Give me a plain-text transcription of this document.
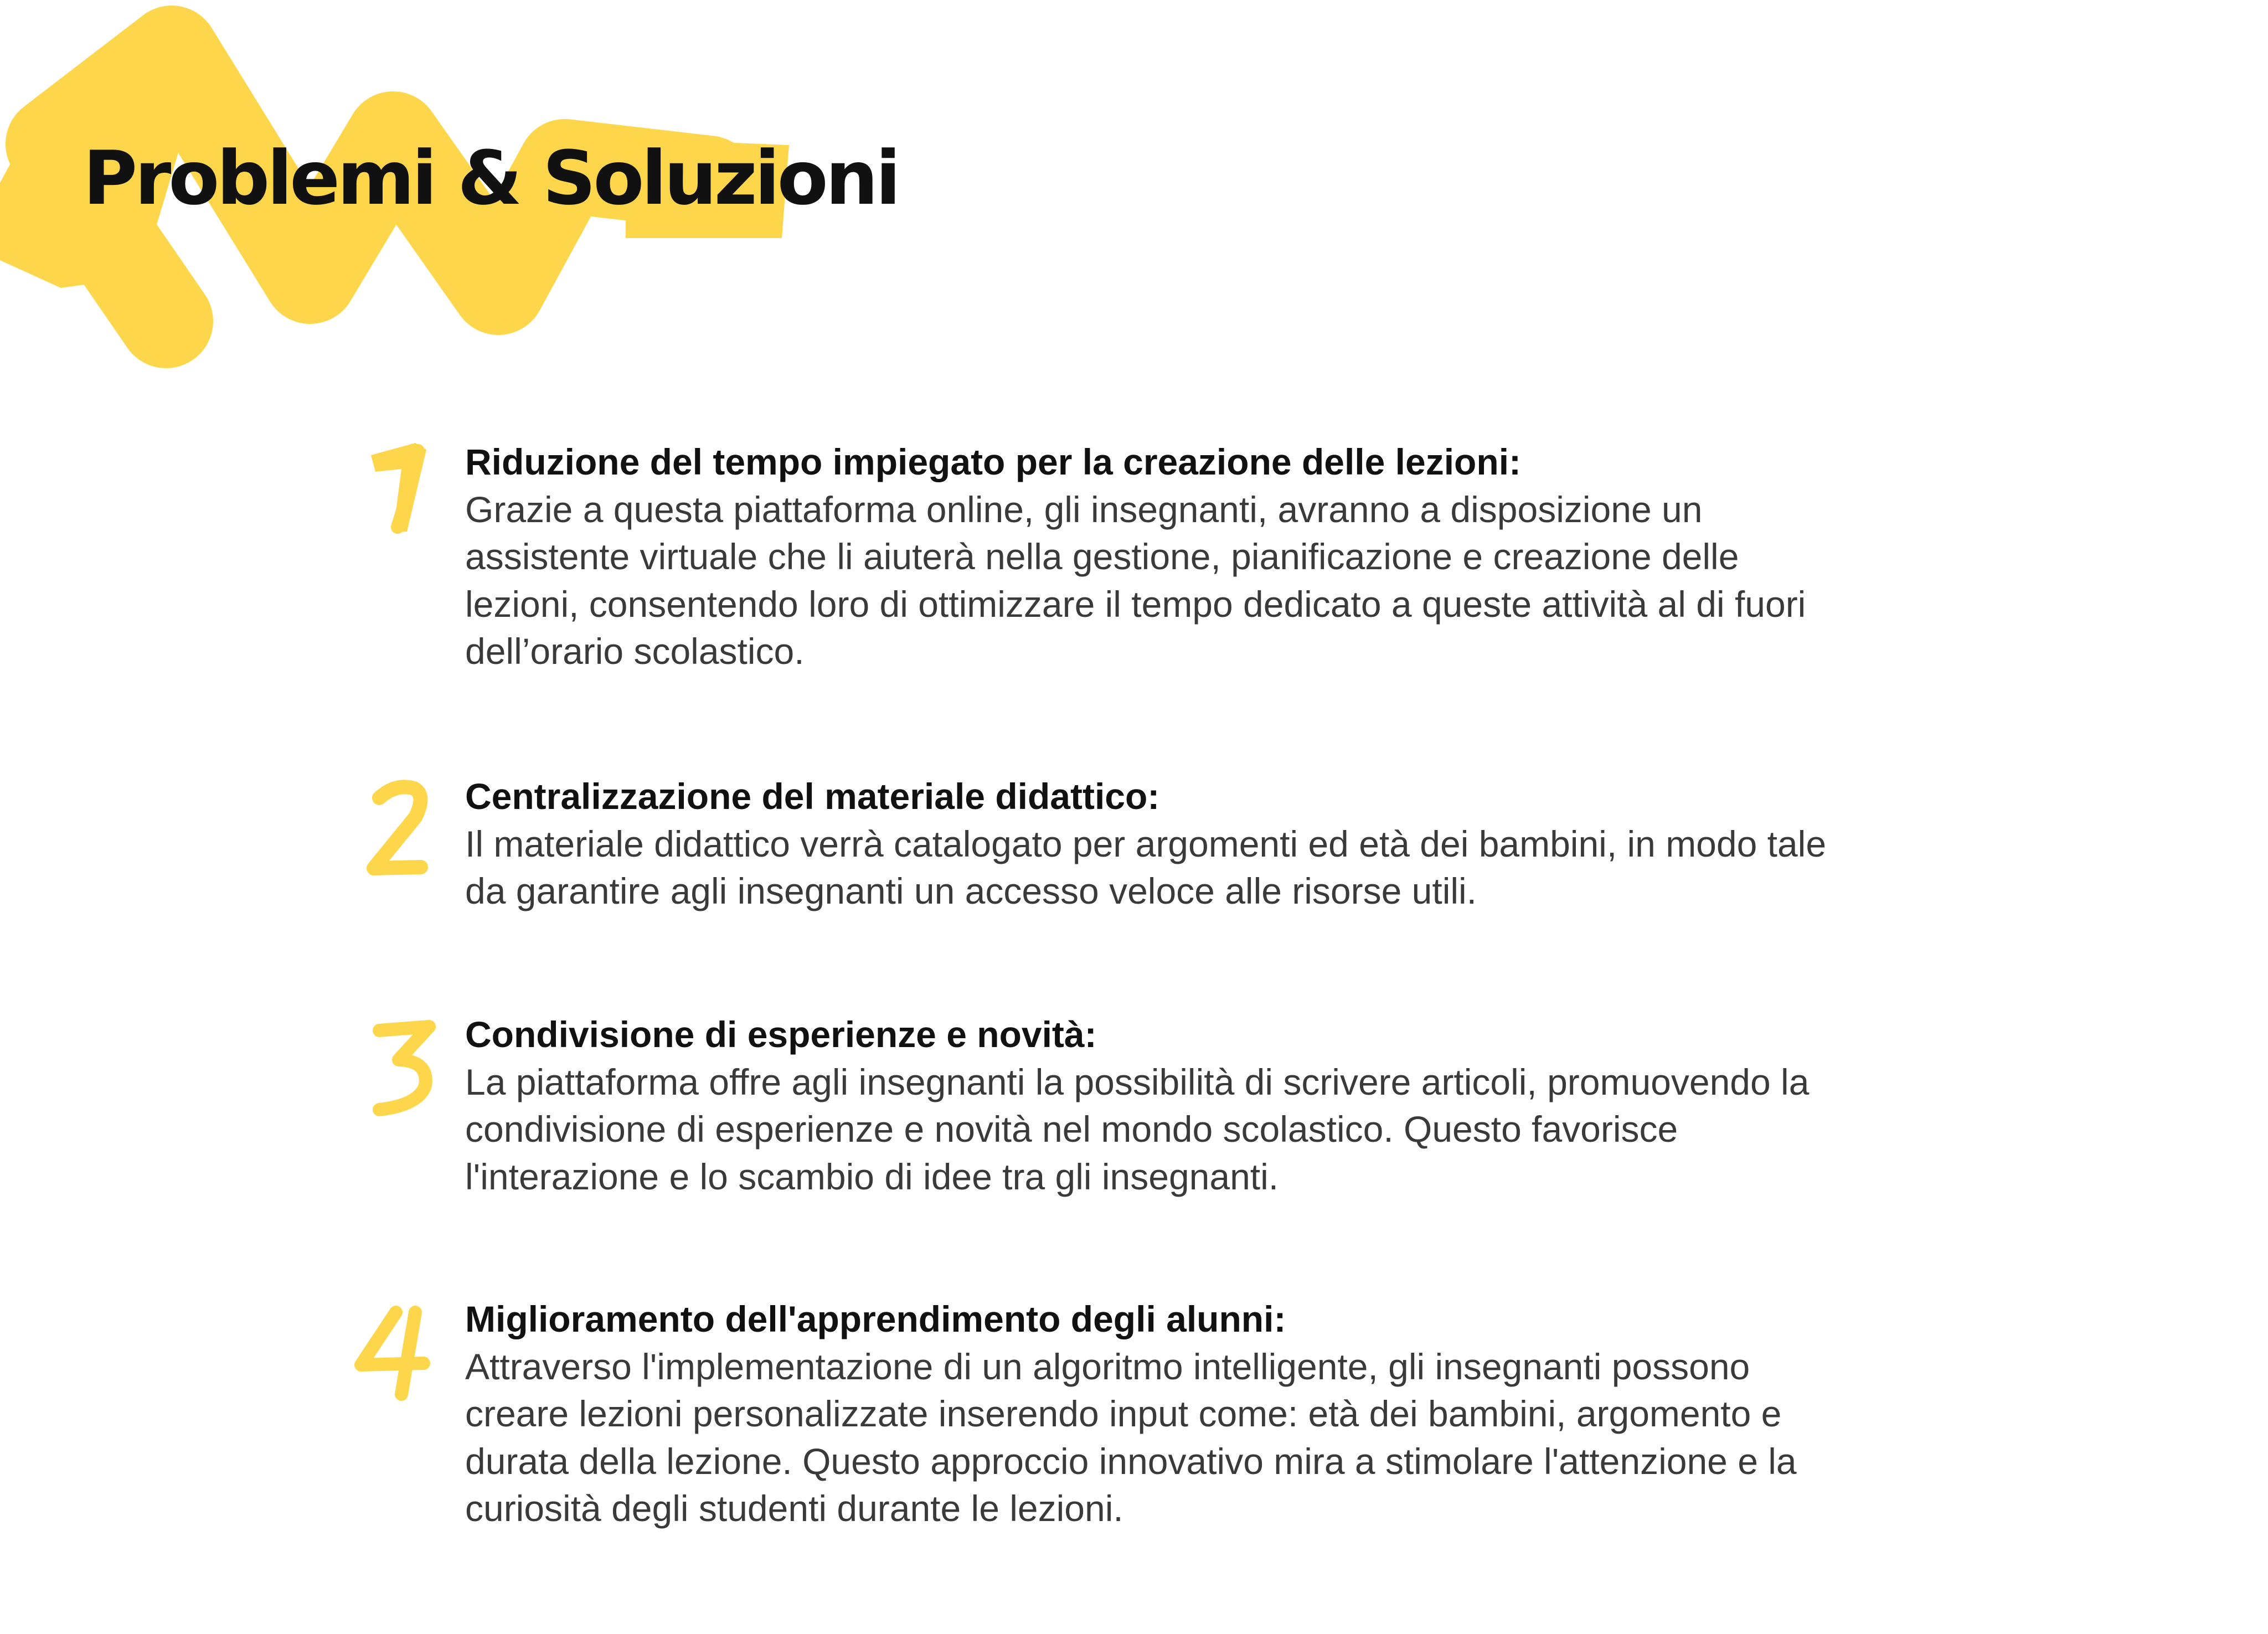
Problemi & Soluzioni
Riduzione del tempo impiegato per la creazione delle lezioni:
Grazie a questa piattaforma online, gli insegnanti, avranno a disposizione un assistente virtuale che li aiuterà nella gestione, pianificazione e creazione delle lezioni, consentendo loro di ottimizzare il tempo dedicato a queste attività al di fuori dell’orario scolastico.
Centralizzazione del materiale didattico:
Il materiale didattico verrà catalogato per argomenti ed età dei bambini, in modo tale da garantire agli insegnanti un accesso veloce alle risorse utili.
Condivisione di esperienze e novità:
La piattaforma offre agli insegnanti la possibilità di scrivere articoli, promuovendo la condivisione di esperienze e novità nel mondo scolastico. Questo favorisce l'interazione e lo scambio di idee tra gli insegnanti.
Miglioramento dell'apprendimento degli alunni:
Attraverso l'implementazione di un algoritmo intelligente, gli insegnanti possono creare lezioni personalizzate inserendo input come: età dei bambini, argomento e durata della lezione. Questo approccio innovativo mira a stimolare l'attenzione e la curiosità degli studenti durante le lezioni.
